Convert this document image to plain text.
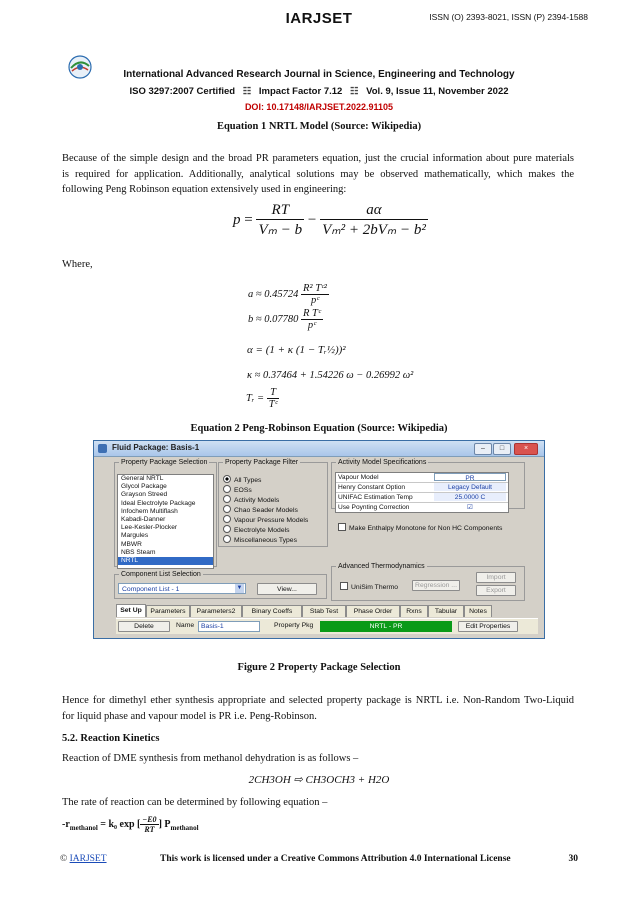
IARJSET	ISSN (O) 2393-8021, ISSN (P) 2394-1588
International Advanced Research Journal in Science, Engineering and Technology
ISO 3297:2007 Certified ☷ Impact Factor 7.12 ☷ Vol. 9, Issue 11, November 2022
DOI: 10.17148/IARJSET.2022.91105
Equation 1 NRTL Model (Source: Wikipedia)
Because of the simple design and the broad PR parameters equation, just the crucial information about pure materials
is required for application. Additionally, analytical solutions may be observed mathematically, which makes the
following Peng Robinson equation extensively used in engineering:
$p = \frac{RT}{\text{Vₘ − b}} - \frac{a\alpha}{\text{Vₘ² + 2bVₘ − b²}}$
Where,
$a \approx 0.45724 \frac{\text{R² Tᶜ²}}{\text{pᶜ}}$
$b \approx 0.07780 \frac{\text{R Tᶜ}}{\text{pᶜ}}$
α = (1 + κ (1 − Tᵣ½))²
κ ≈ 0.37464 + 1.54226 ω − 0.26992 ω²
Tᵣ = $\frac{T}{\text{Tᶜ}}$
Equation 2 Peng-Robinson Equation (Source: Wikipedia)
Fluid Package: Basis-1	–	□	×
Property Package Selection
General NRTL
Glycol Package
Grayson Streed
Ideal Electrolyte Package
Infochem Multiflash
Kabadi-Danner
Lee-Kesler-Plocker
Margules
MBWR
NBS Steam
NRTL
Property Package Filter
All Types
EOSs
Activity Models
Chao Seader Models
Vapour Pressure Models
Electrolyte Models
Miscellaneous Types
Activity Model Specifications
Vapour Model	PR
Henry Constant Option	Legacy Default
UNIFAC Estimation Temp	25.0000 C
Use Poynting Correction	☑
Make Enthalpy Monotone for Non HC Components
Advanced Thermodynamics
UniSim Thermo	Regression ...
Import
Export
Component List Selection
Component List - 1	▼	View...
Set Up	Parameters	Parameters2	Binary Coeffs	Stab Test	Phase Order	Rxns	Tabular	Notes
Delete	Name	Basis-1	Property Pkg	NRTL - PR	Edit Properties
Figure 2 Property Package Selection
Hence for dimethyl ether synthesis appropriate and selected property package is NRTL i.e. Non-Random Two-Liquid
for liquid phase and vapour model is PR i.e. Peng-Robinson.
5.2. Reaction Kinetics
Reaction of DME synthesis from methanol dehydration is as follows –
2CH3OH ⇨ CH3OCH3 + H2O
The rate of reaction can be determined by following equation –
$-r_{methanol} = k_0$ exp [ $\frac{-E0}{RT}$ ] $P_{methanol}$
© IARJSET	This work is licensed under a Creative Commons Attribution 4.0 International License	30
